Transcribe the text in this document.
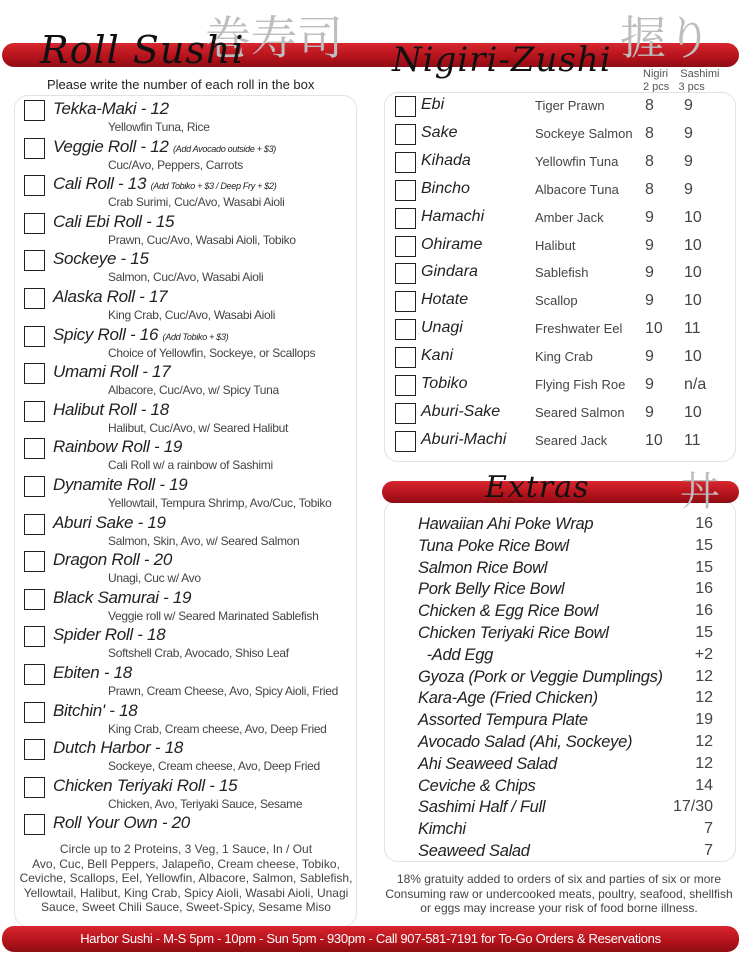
巻寿司	握り
Roll Sushi	Nigiri-Zushi
Please write the number of each roll in the box
Nigiri Sashimi
2 pcs 3 pcs
Tekka-Maki - 12
Yellowfin Tuna, Rice
Veggie Roll - 12 (Add Avocado outside + $3)
Cuc/Avo, Peppers, Carrots
Cali Roll - 13 (Add Tobiko + $3 / Deep Fry + $2)
Crab Surimi, Cuc/Avo, Wasabi Aioli
Cali Ebi Roll - 15
Prawn, Cuc/Avo, Wasabi Aioli, Tobiko
Sockeye - 15
Salmon, Cuc/Avo, Wasabi Aioli
Alaska Roll - 17
King Crab, Cuc/Avo, Wasabi Aioli
Spicy Roll - 16 (Add Tobiko + $3)
Choice of Yellowfin, Sockeye, or Scallops
Umami Roll - 17
Albacore, Cuc/Avo, w/ Spicy Tuna
Halibut Roll - 18
Halibut, Cuc/Avo, w/ Seared Halibut
Rainbow Roll - 19
Cali Roll w/ a rainbow of Sashimi
Dynamite Roll - 19
Yellowtail, Tempura Shrimp, Avo/Cuc, Tobiko
Aburi Sake - 19
Salmon, Skin, Avo, w/ Seared Salmon
Dragon Roll - 20
Unagi, Cuc w/ Avo
Black Samurai - 19
Veggie roll w/ Seared Marinated Sablefish
Spider Roll - 18
Softshell Crab, Avocado, Shiso Leaf
Ebiten - 18
Prawn, Cream Cheese, Avo, Spicy Aioli, Fried
Bitchin' - 18
King Crab, Cream cheese, Avo, Deep Fried
Dutch Harbor - 18
Sockeye, Cream cheese, Avo, Deep Fried
Chicken Teriyaki Roll - 15
Chicken, Avo, Teriyaki Sauce, Sesame
Roll Your Own - 20
Circle up to 2 Proteins, 3 Veg, 1 Sauce, In / Out
Avo, Cuc, Bell Peppers, Jalapeño, Cream cheese, Tobiko,
Ceviche, Scallops, Eel, Yellowfin, Albacore, Salmon, Sablefish,
Yellowtail, Halibut, King Crab, Spicy Aioli, Wasabi Aioli, Unagi
Sauce, Sweet Chili Sauce, Sweet-Spicy, Sesame Miso
Ebi	Tiger Prawn	8 9
Sake	Sockeye Salmon 8 9
Kihada	Yellowfin Tuna 8 9
Bincho	Albacore Tuna 8 9
Hamachi	Amber Jack	9 10
Ohirame	Halibut	9 10
Gindara	Sablefish	9 10
Hotate	Scallop	9 10
Unagi	Freshwater Eel 10 11
Kani	King Crab	9 10
Tobiko	Flying Fish Roe 9 n/a
Aburi-Sake	Seared Salmon 9 10
Aburi-Machi Seared Jack 10 11
Extras 丼
Hawaiian Ahi Poke Wrap	16
Tuna Poke Rice Bowl	15
Salmon Rice Bowl	15
Pork Belly Rice Bowl	16
Chicken & Egg Rice Bowl	16
Chicken Teriyaki Rice Bowl	15
-Add Egg	+2
Gyoza (Pork or Veggie Dumplings) 12
Kara-Age (Fried Chicken)	12
Assorted Tempura Plate	19
Avocado Salad (Ahi, Sockeye)	12
Ahi Seaweed Salad	12
Ceviche & Chips	14
Sashimi Half / Full	17/30
Kimchi	7
Seaweed Salad	7
18% gratuity added to orders of six and parties of six or more
Consuming raw or undercooked meats, poultry, seafood, shellfish
or eggs may increase your risk of food borne illness.
Harbor Sushi - M-S 5pm - 10pm - Sun 5pm - 930pm - Call 907-581-7191 for To-Go Orders & Reservations
